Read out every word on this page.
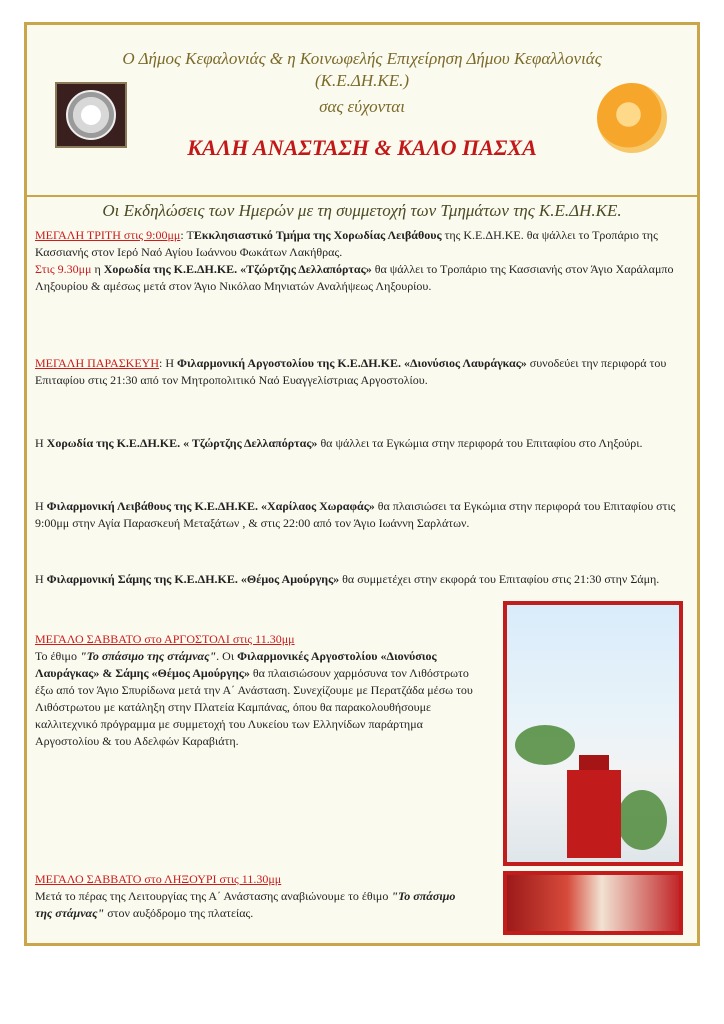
Ο Δήμος Κεφαλονιάς & η Κοινωφελής Επιχείρηση Δήμου Κεφαλλονιάς
(Κ.Ε.ΔΗ.ΚΕ.)
σας εύχονται
ΚΑΛΗ ΑΝΑΣΤΑΣΗ & ΚΑΛΟ ΠΑΣΧΑ
Οι Εκδηλώσεις των Ημερών με τη συμμετοχή των Τμημάτων της Κ.Ε.ΔΗ.ΚΕ.
ΜΕΓΑΛΗ ΤΡΙΤΗ στις 9:00μμ: ΤΕκκλησιαστικό Τμήμα της Χορωδίας Λειβάθους της Κ.Ε.ΔΗ.ΚΕ. θα ψάλλει το Τροπάριο της Κασσιανής στον Ιερό Ναό Αγίου Ιωάννου Φωκάτων Λακήθρας.
Στις 9.30μμ η Χορωδία της Κ.Ε.ΔΗ.ΚΕ. «Τζώρτζης Δελλαπόρτας» θα ψάλλει το Τροπάριο της Κασσιανής στον Άγιο Χαράλαμπο Ληξουρίου & αμέσως μετά στον Άγιο Νικόλαο Μηνιατών Αναλήψεως Ληξουρίου.
ΜΕΓΑΛΗ ΠΑΡΑΣΚΕΥΗ: Η Φιλαρμονική Αργοστολίου της Κ.Ε.ΔΗ.ΚΕ. «Διονύσιος Λαυράγκας» συνοδεύει την περιφορά του Επιταφίου στις 21:30 από τον Μητροπολιτικό Ναό Ευαγγελίστριας Αργοστολίου.
Η Χορωδία της Κ.Ε.ΔΗ.ΚΕ. « Τζώρτζης Δελλαπόρτας» θα ψάλλει τα Εγκώμια στην περιφορά του Επιταφίου στο Ληξούρι.
Η Φιλαρμονική Λειβάθους της Κ.Ε.ΔΗ.ΚΕ. «Χαρίλαος Χωραφάς» θα πλαισιώσει τα Εγκώμια στην περιφορά του Επιταφίου στις 9:00μμ στην Αγία Παρασκευή Μεταξάτων , & στις 22:00 από τον Άγιο Ιωάννη Σαρλάτων.
Η Φιλαρμονική Σάμης της Κ.Ε.ΔΗ.ΚΕ. «Θέμος Αμούργης» θα συμμετέχει στην εκφορά του Επιταφίου στις 21:30 στην Σάμη.
ΜΕΓΑΛΟ ΣΑΒΒΑΤΟ στο ΑΡΓΟΣΤΟΛΙ στις 11.30μμ
Το έθιμο "Το σπάσιμο της στάμνας". Οι Φιλαρμονικές Αργοστολίου «Διονύσιος Λαυράγκας» & Σάμης «Θέμος Αμούργης» θα πλαισιώσουν χαρμόσυνα τον Λιθόστρωτο έξω από τον Άγιο Σπυρίδωνα μετά την Α΄ Ανάσταση. Συνεχίζουμε με Περατζάδα μέσω του Λιθόστρωτου με κατάληξη στην Πλατεία Καμπάνας, όπου θα παρακολουθήσουμε καλλιτεχνικό πρόγραμμα με συμμετοχή του Λυκείου των Ελληνίδων παράρτημα Αργοστολίου & του Αδελφών Καραβιάτη.
ΜΕΓΑΛΟ ΣΑΒΒΑΤΟ στο ΛΗΞΟΥΡΙ στις 11.30μμ
Μετά το πέρας της Λειτουργίας της Α΄ Ανάστασης αναβιώνουμε το έθιμο "Το σπάσιμο της στάμνας" στον αυξόδρομο της πλατείας.
